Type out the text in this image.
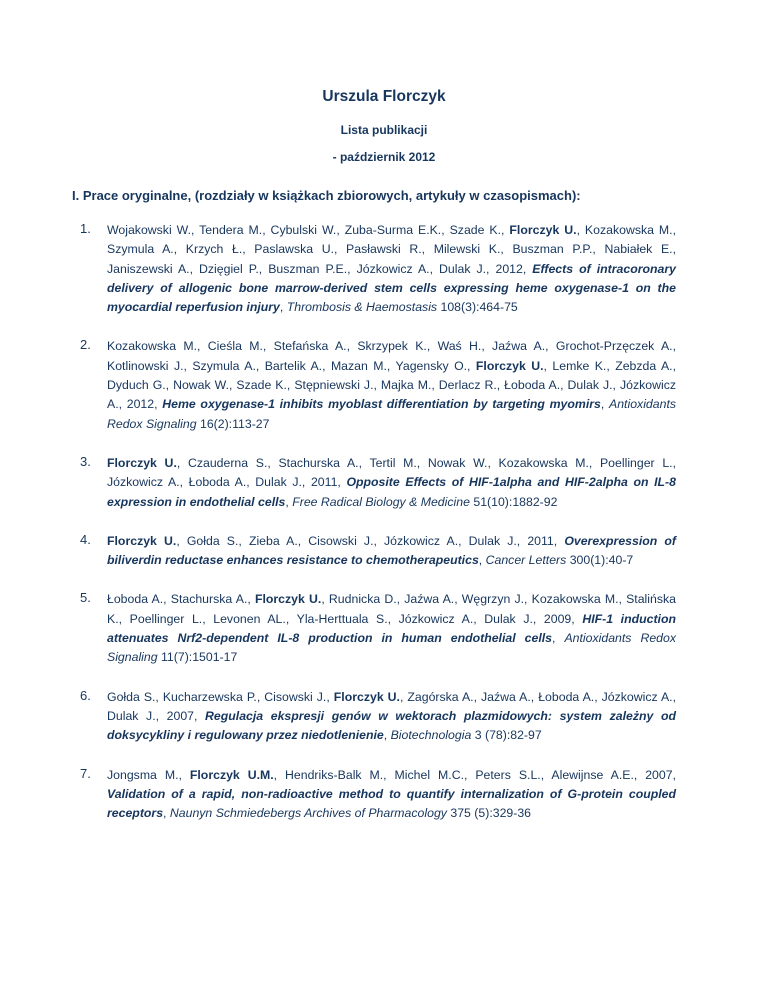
Urszula Florczyk
Lista publikacji
- październik 2012
I. Prace oryginalne, (rozdziały w książkach zbiorowych, artykuły w czasopismach):
1. Wojakowski W., Tendera M., Cybulski W., Zuba-Surma E.K., Szade K., Florczyk U., Kozakowska M., Szymula A., Krzych Ł., Paslawska U., Pasławski R., Milewski K., Buszman P.P., Nabiałek E., Janiszewski A., Dzięgiel P., Buszman P.E., Józkowicz A., Dulak J., 2012, Effects of intracoronary delivery of allogenic bone marrow-derived stem cells expressing heme oxygenase-1 on the myocardial reperfusion injury, Thrombosis & Haemostasis 108(3):464-75
2. Kozakowska M., Cieśla M., Stefańska A., Skrzypek K., Waś H., Jaźwa A., Grochot-Przęczek A., Kotlinowski J., Szymula A., Bartelik A., Mazan M., Yagensky O., Florczyk U., Lemke K., Zebzda A., Dyduch G., Nowak W., Szade K., Stępniewski J., Majka M., Derlacz R., Łoboda A., Dulak J., Józkowicz A., 2012, Heme oxygenase-1 inhibits myoblast differentiation by targeting myomirs, Antioxidants Redox Signaling 16(2):113-27
3. Florczyk U., Czauderna S., Stachurska A., Tertil M., Nowak W., Kozakowska M., Poellinger L., Józkowicz A., Łoboda A., Dulak J., 2011, Opposite Effects of HIF-1alpha and HIF-2alpha on IL-8 expression in endothelial cells, Free Radical Biology & Medicine 51(10):1882-92
4. Florczyk U., Gołda S., Zieba A., Cisowski J., Józkowicz A., Dulak J., 2011, Overexpression of biliverdin reductase enhances resistance to chemotherapeutics, Cancer Letters 300(1):40-7
5. Łoboda A., Stachurska A., Florczyk U., Rudnicka D., Jaźwa A., Węgrzyn J., Kozakowska M., Stalińska K., Poellinger L., Levonen AL., Yla-Herttuala S., Józkowicz A., Dulak J., 2009, HIF-1 induction attenuates Nrf2-dependent IL-8 production in human endothelial cells, Antioxidants Redox Signaling 11(7):1501-17
6. Gołda S., Kucharzewska P., Cisowski J., Florczyk U., Zagórska A., Jaźwa A., Łoboda A., Józkowicz A., Dulak J., 2007, Regulacja ekspresji genów w wektorach plazmidowych: system zależny od doksycykliny i regulowany przez niedotlenienie, Biotechnologia 3 (78):82-97
7. Jongsma M., Florczyk U.M., Hendriks-Balk M., Michel M.C., Peters S.L., Alewijnse A.E., 2007, Validation of a rapid, non-radioactive method to quantify internalization of G-protein coupled receptors, Naunyn Schmiedebergs Archives of Pharmacology 375 (5):329-36
